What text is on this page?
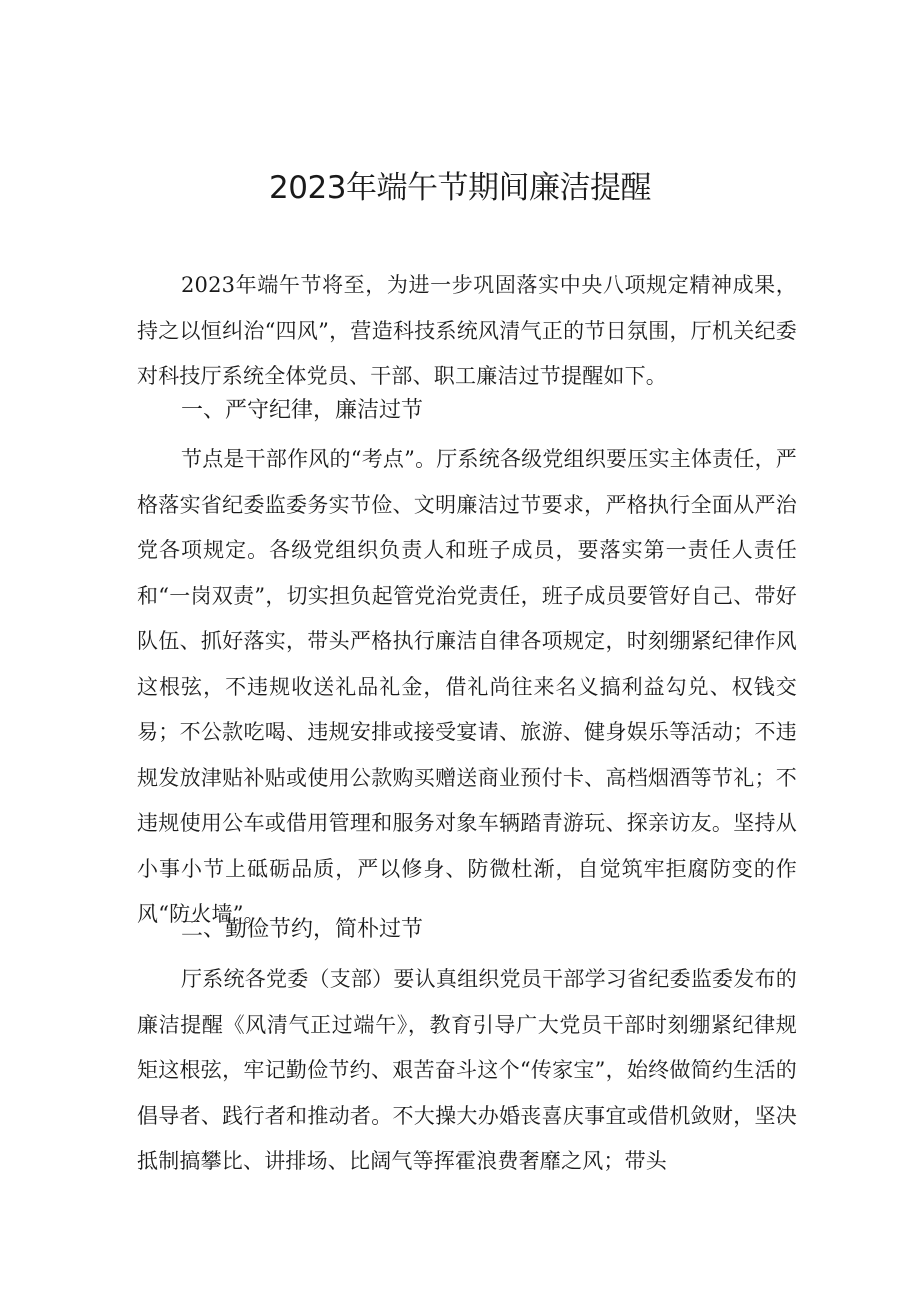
2023年端午节期间廉洁提醒

2023年端午节将至，为进一步巩固落实中央八项规定精神成果，持之以恒纠治“四风”，营造科技系统风清气正的节日氛围，厅机关纪委对科技厅系统全体党员、干部、职工廉洁过节提醒如下。

一、严守纪律，廉洁过节

节点是干部作风的“考点”。厅系统各级党组织要压实主体责任，严格落实省纪委监委务实节俭、文明廉洁过节要求，严格执行全面从严治党各项规定。各级党组织负责人和班子成员，要落实第一责任人责任和“一岗双责”，切实担负起管党治党责任，班子成员要管好自己、带好队伍、抓好落实，带头严格执行廉洁自律各项规定，时刻绷紧纪律作风这根弦，不违规收送礼品礼金，借礼尚往来名义搞利益勾兑、权钱交易；不公款吃喝、违规安排或接受宴请、旅游、健身娱乐等活动；不违规发放津贴补贴或使用公款购买赠送商业预付卡、高档烟酒等节礼；不违规使用公车或借用管理和服务对象车辆踏青游玩、探亲访友。坚持从小事小节上砥砺品质，严以修身、防微杜渐，自觉筑牢拒腐防变的作风“防火墙”。

二、勤俭节约，简朴过节

厅系统各党委（支部）要认真组织党员干部学习省纪委监委发布的廉洁提醒《风清气正过端午》，教育引导广大党员干部时刻绷紧纪律规矩这根弦，牢记勤俭节约、艰苦奋斗这个“传家宝”，始终做简约生活的倡导者、践行者和推动者。不大操大办婚丧喜庆事宜或借机敛财，坚决抵制搞攀比、讲排场、比阔气等挥霍浪费奢靡之风；带头
